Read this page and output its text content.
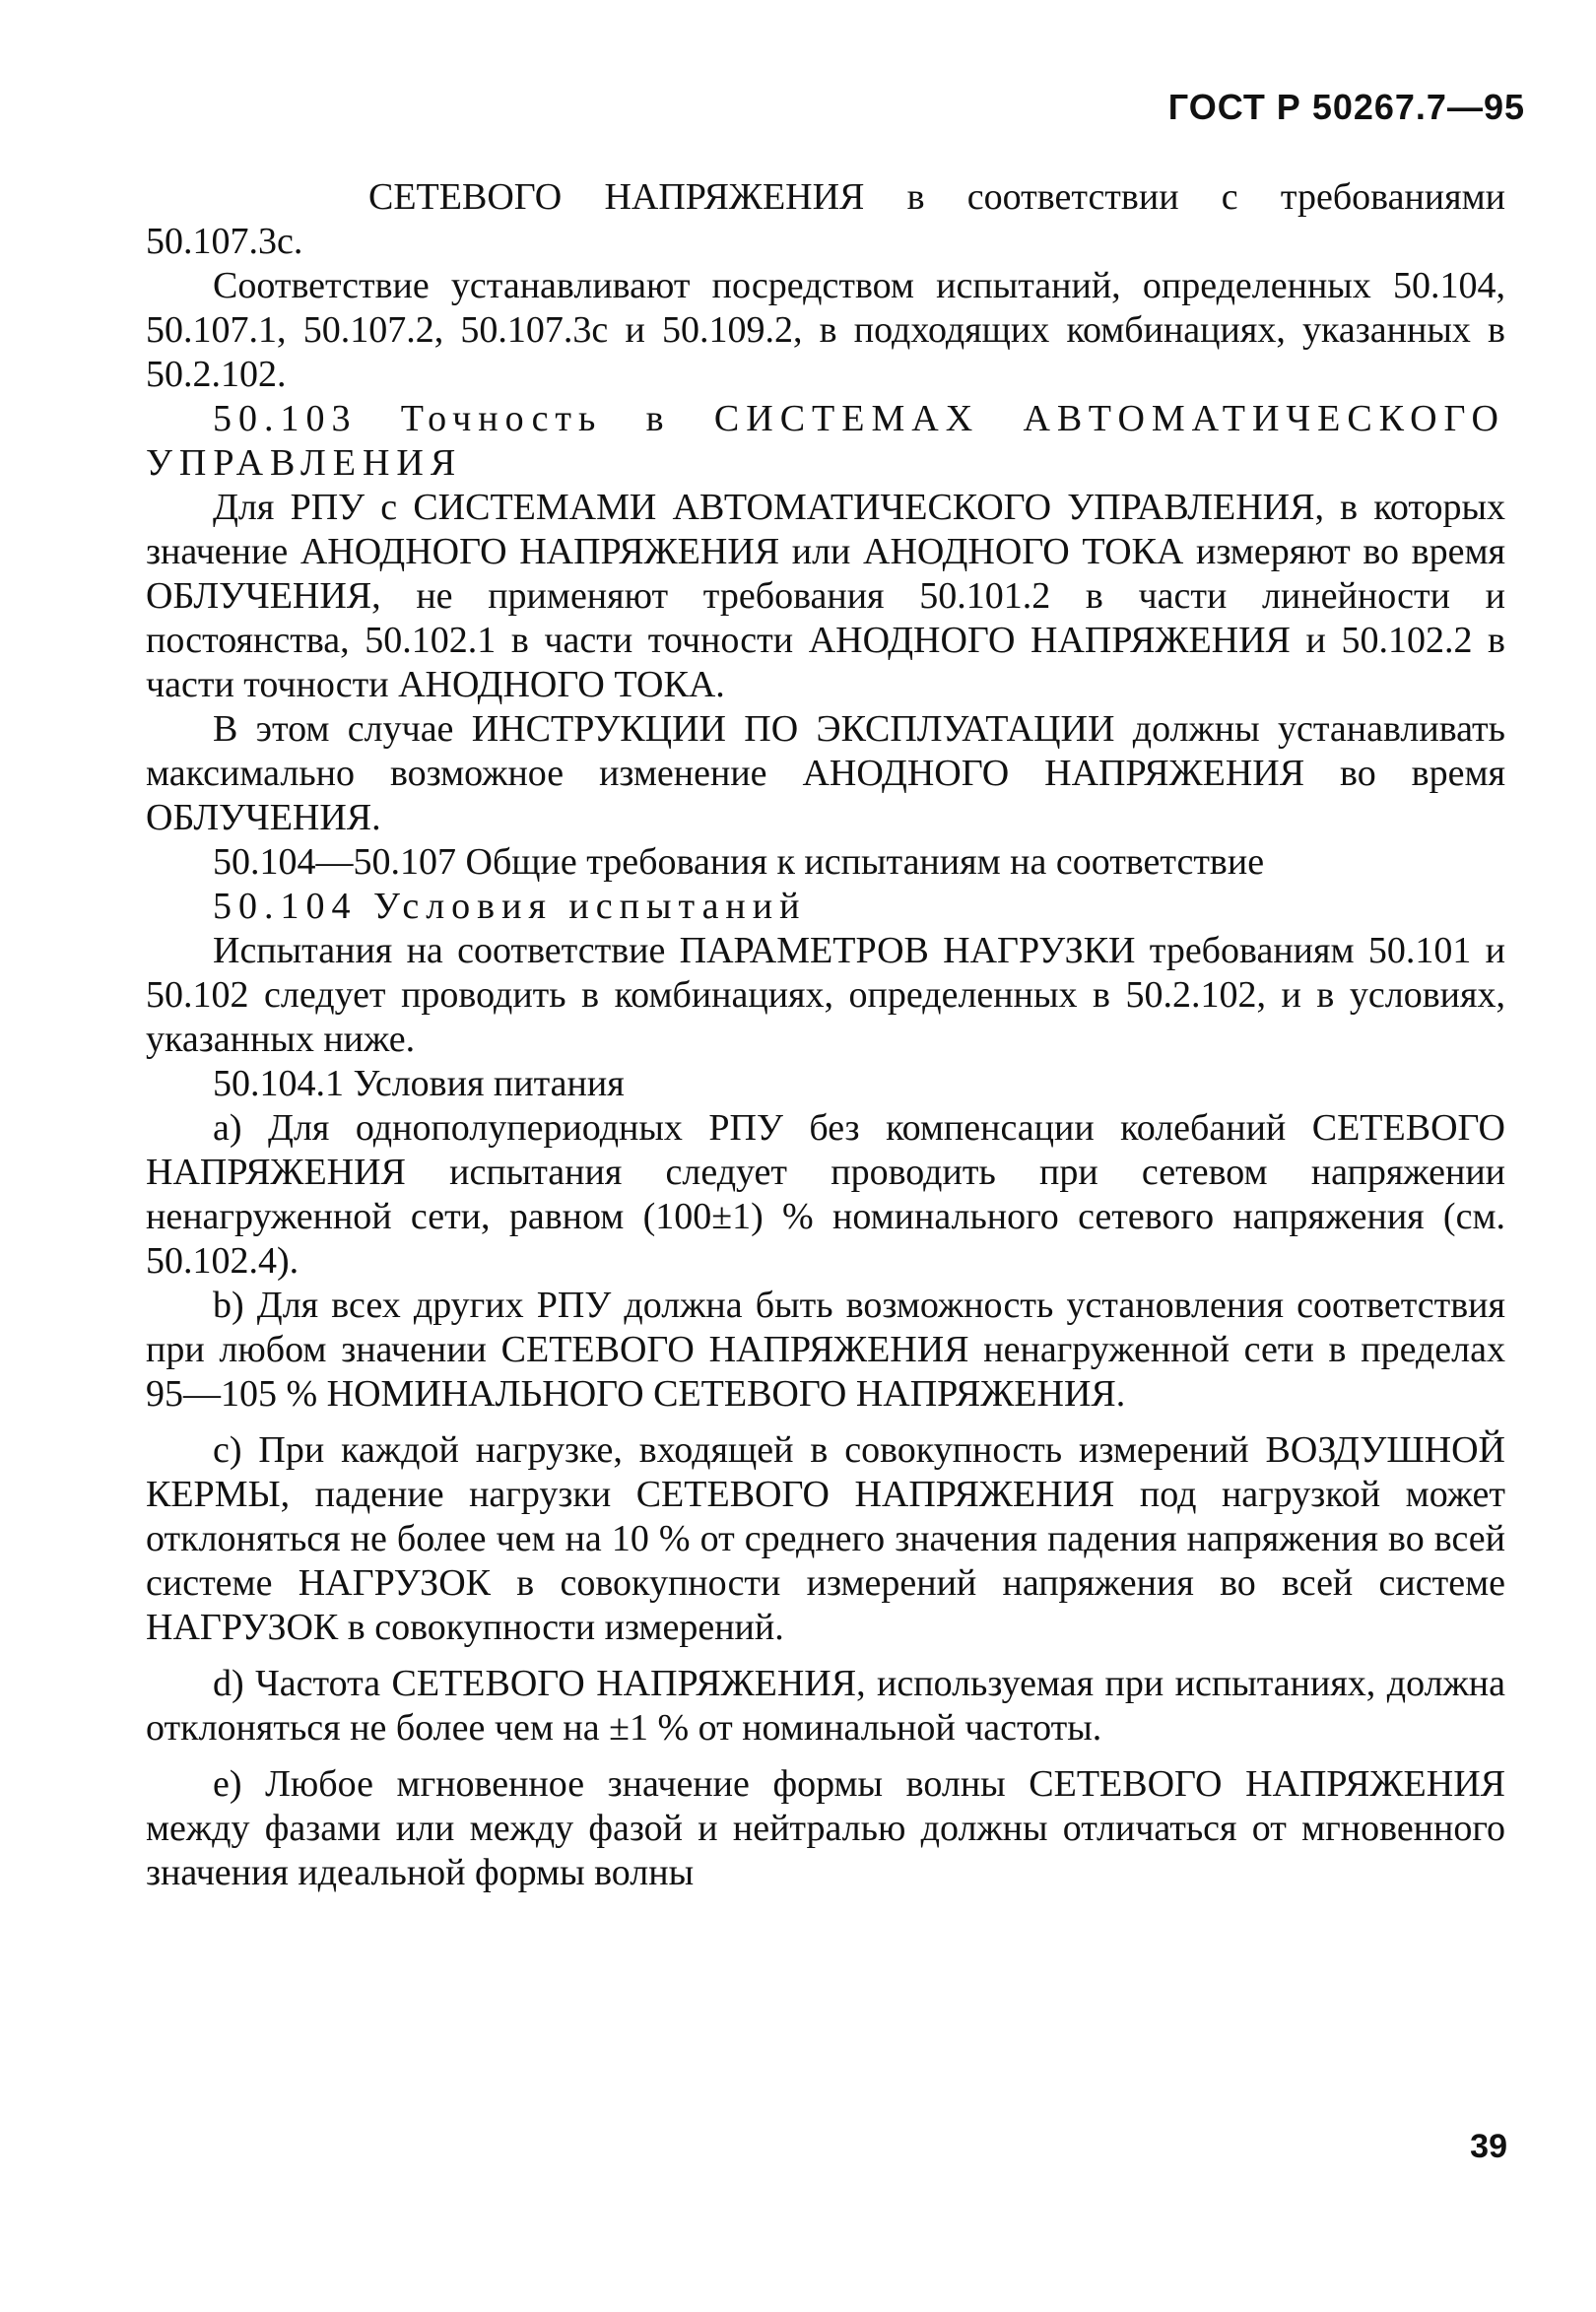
ГОСТ Р 50267.7—95

СЕТЕВОГО НАПРЯЖЕНИЯ в соответствии с требованиями 50.107.3с.

Соответствие устанавливают посредством испытаний, определенных 50.104, 50.107.1, 50.107.2, 50.107.3с и 50.109.2, в подходящих комбинациях, указанных в 50.2.102.

50.103 Точность в СИСТЕМАХ АВТОМАТИЧЕСКОГО УПРАВЛЕНИЯ

Для РПУ с СИСТЕМАМИ АВТОМАТИЧЕСКОГО УПРАВЛЕНИЯ, в которых значение АНОДНОГО НАПРЯЖЕНИЯ или АНОДНОГО ТОКА измеряют во время ОБЛУЧЕНИЯ, не применяют требования 50.101.2 в части линейности и постоянства, 50.102.1 в части точности АНОДНОГО НАПРЯЖЕНИЯ и 50.102.2 в части точности АНОДНОГО ТОКА.

В этом случае ИНСТРУКЦИИ ПО ЭКСПЛУАТАЦИИ должны устанавливать максимально возможное изменение АНОДНОГО НАПРЯЖЕНИЯ во время ОБЛУЧЕНИЯ.

50.104—50.107 Общие требования к испытаниям на соответствие

50.104 Условия испытаний

Испытания на соответствие ПАРАМЕТРОВ НАГРУЗКИ требованиям 50.101 и 50.102 следует проводить в комбинациях, определенных в 50.2.102, и в условиях, указанных ниже.

50.104.1 Условия питания

а) Для однополупериодных РПУ без компенсации колебаний СЕТЕВОГО НАПРЯЖЕНИЯ испытания следует проводить при сетевом напряжении ненагруженной сети, равном (100±1) % номинального сетевого напряжения (см. 50.102.4).

b) Для всех других РПУ должна быть возможность установления соответствия при любом значении СЕТЕВОГО НАПРЯЖЕНИЯ ненагруженной сети в пределах 95—105 % НОМИНАЛЬНОГО СЕТЕВОГО НАПРЯЖЕНИЯ.

с) При каждой нагрузке, входящей в совокупность измерений ВОЗДУШНОЙ КЕРМЫ, падение нагрузки СЕТЕВОГО НАПРЯЖЕНИЯ под нагрузкой может отклоняться не более чем на 10 % от среднего значения падения напряжения во всей системе НАГРУЗОК в совокупности измерений напряжения во всей системе НАГРУЗОК в совокупности измерений.

d) Частота СЕТЕВОГО НАПРЯЖЕНИЯ, используемая при испытаниях, должна отклоняться не более чем на ±1 % от номинальной частоты.

е) Любое мгновенное значение формы волны СЕТЕВОГО НАПРЯЖЕНИЯ между фазами или между фазой и нейтралью должны отличаться от мгновенного значения идеальной формы волны

39
